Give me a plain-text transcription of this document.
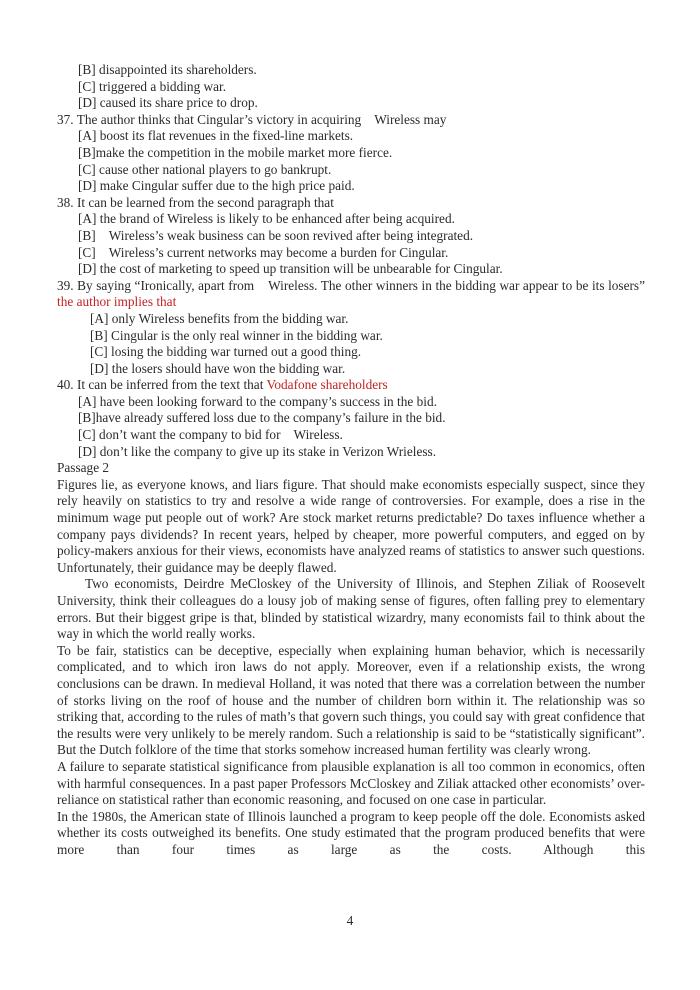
[B] disappointed its shareholders.
[C] triggered a bidding war.
[D] caused its share price to drop.
37. The author thinks that Cingular’s victory in acquiring    Wireless may
[A] boost its flat revenues in the fixed-line markets.
[B]make the competition in the mobile market more fierce.
[C] cause other national players to go bankrupt.
[D] make Cingular suffer due to the high price paid.
38. It can be learned from the second paragraph that
[A] the brand of Wireless is likely to be enhanced after being acquired.
[B]    Wireless’s weak business can be soon revived after being integrated.
[C]    Wireless’s current networks may become a burden for Cingular.
[D] the cost of marketing to speed up transition will be unbearable for Cingular.
39. By saying “Ironically, apart from    Wireless. The other winners in the bidding war appear to be its losers” the author implies that
[A] only Wireless benefits from the bidding war.
[B] Cingular is the only real winner in the bidding war.
[C] losing the bidding war turned out a good thing.
[D] the losers should have won the bidding war.
40. It can be inferred from the text that Vodafone shareholders
[A] have been looking forward to the company’s success in the bid.
[B]have already suffered loss due to the company’s failure in the bid.
[C] don’t want the company to bid for    Wireless.
[D] don’t like the company to give up its stake in Verizon Wrieless.
Passage 2
Figures lie, as everyone knows, and liars figure. That should make economists especially suspect, since they rely heavily on statistics to try and resolve a wide range of controversies. For example, does a rise in the minimum wage put people out of work? Are stock market returns predictable? Do taxes influence whether a company pays dividends? In recent years, helped by cheaper, more powerful computers, and egged on by policy-makers anxious for their views, economists have analyzed reams of statistics to answer such questions. Unfortunately, their guidance may be deeply flawed.
Two economists, Deirdre MeCloskey of the University of Illinois, and Stephen Ziliak of Roosevelt University, think their colleagues do a lousy job of making sense of figures, often falling prey to elementary errors. But their biggest gripe is that, blinded by statistical wizardry, many economists fail to think about the way in which the world really works.
To be fair, statistics can be deceptive, especially when explaining human behavior, which is necessarily complicated, and to which iron laws do not apply. Moreover, even if a relationship exists, the wrong conclusions can be drawn. In medieval Holland, it was noted that there was a correlation between the number of storks living on the roof of house and the number of children born within it. The relationship was so striking that, according to the rules of math’s that govern such things, you could say with great confidence that the results were very unlikely to be merely random. Such a relationship is said to be “statistically significant”. But the Dutch folklore of the time that storks somehow increased human fertility was clearly wrong.
A failure to separate statistical significance from plausible explanation is all too common in economics, often with harmful consequences. In a past paper Professors McCloskey and Ziliak attacked other economists’ over-reliance on statistical rather than economic reasoning, and focused on one case in particular.
In the 1980s, the American state of Illinois launched a program to keep people off the dole. Economists asked whether its costs outweighed its benefits. One study estimated that the program produced benefits that were more than four times as large as the costs. Although this
4
